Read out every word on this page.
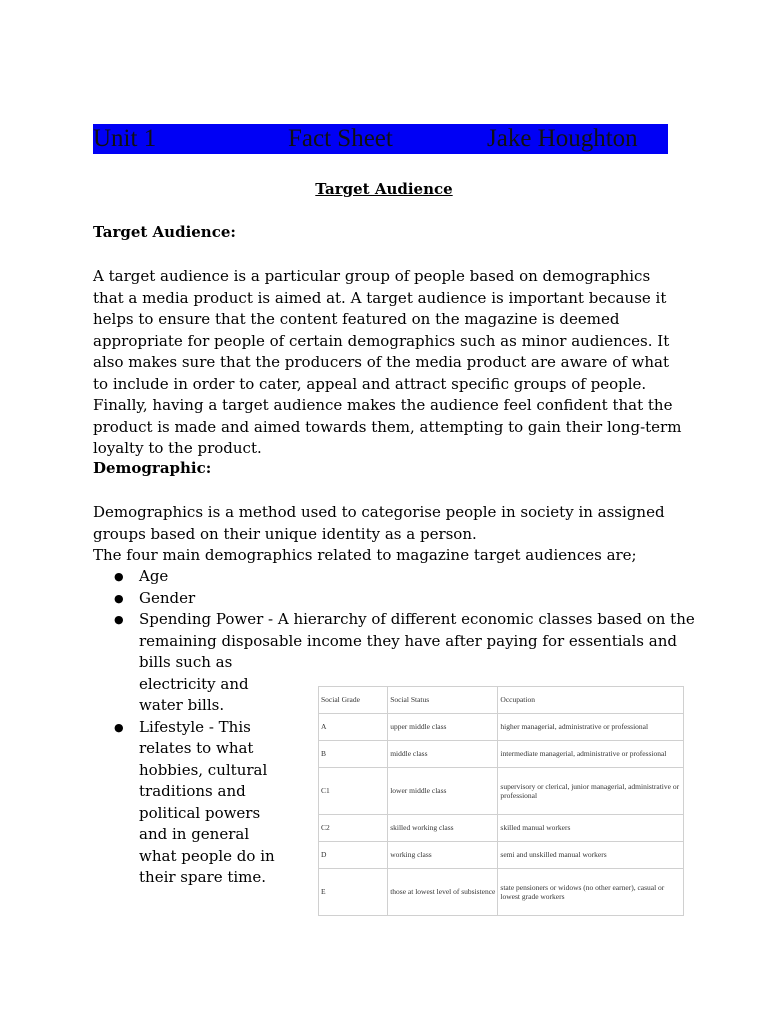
Unit 1	Fact Sheet	Jake Houghton
Target Audience
Target Audience:

A target audience is a particular group of people based on demographics that a media product is aimed at. A target audience is important because it helps to ensure that the content featured on the magazine is deemed appropriate for people of certain demographics such as minor audiences. It also makes sure that the producers of the media product are aware of what to include in order to cater, appeal and attract specific groups of people. Finally, having a target audience makes the audience feel confident that the product is made and aimed towards them, attempting to gain their long-term loyalty to the product.

Demographic:

Demographics is a method used to categorise people in society in assigned groups based on their unique identity as a person.

The four main demographics related to magazine target audiences are;

● Age
● Gender
● Spending Power - A hierarchy of different economic classes based on the remaining disposable income they have after paying for essentials and
bills such as electricity and water bills.
● Lifestyle - This relates to what hobbies, cultural traditions and political powers and in general what people do in their spare time.
Social Grade	Social Status	Occupation
A	upper middle class	higher managerial, administrative or professional
B	middle class	intermediate managerial, administrative or professional
C1	lower middle class	supervisory or clerical, junior managerial, administrative or professional
C2	skilled working class	skilled manual workers
D	working class	semi and unskilled manual workers
E	those at lowest level of subsistence	state pensioners or widows (no other earner), casual or lowest grade workers
